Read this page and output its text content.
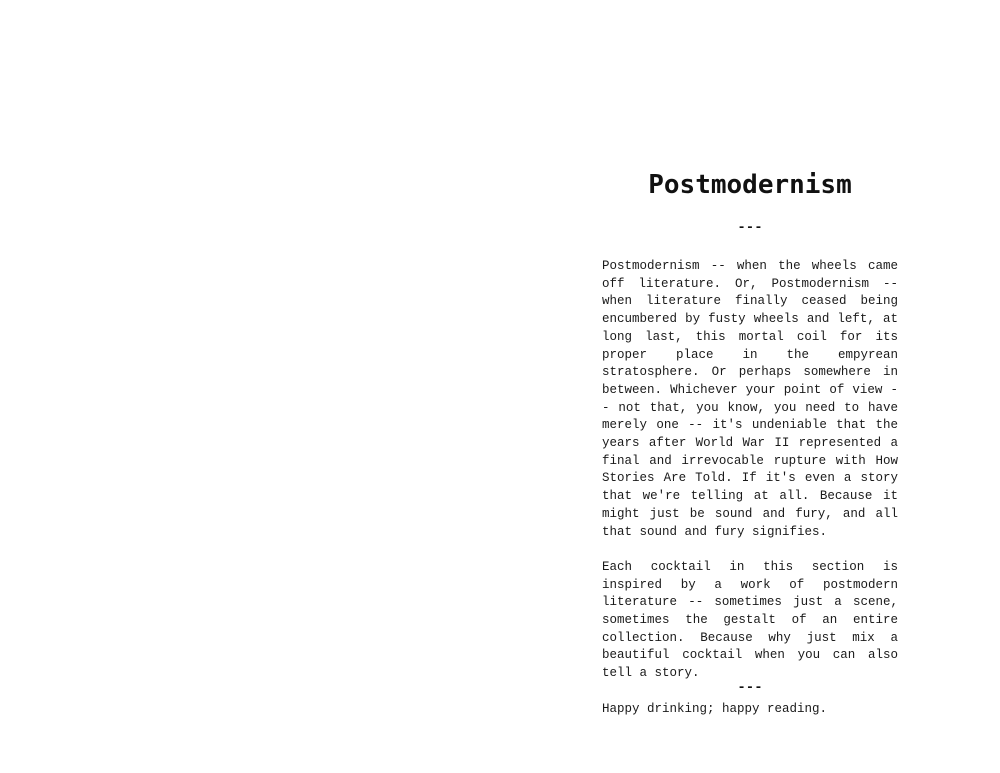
Postmodernism
---

Postmodernism -- when the wheels came off literature. Or, Postmodernism -- when literature finally ceased being encumbered by fusty wheels and left, at long last, this mortal coil for its proper place in the empyrean stratosphere. Or perhaps somewhere in between. Whichever your point of view -- not that, you know, you need to have merely one -- it's undeniable that the years after World War II represented a final and irrevocable rupture with How Stories Are Told. If it's even a story that we're telling at all. Because it might just be sound and fury, and all that sound and fury signifies.

Each cocktail in this section is inspired by a work of postmodern literature -- sometimes just a scene, sometimes the gestalt of an entire collection. Because why just mix a beautiful cocktail when you can also tell a story.

Happy drinking; happy reading.

---
